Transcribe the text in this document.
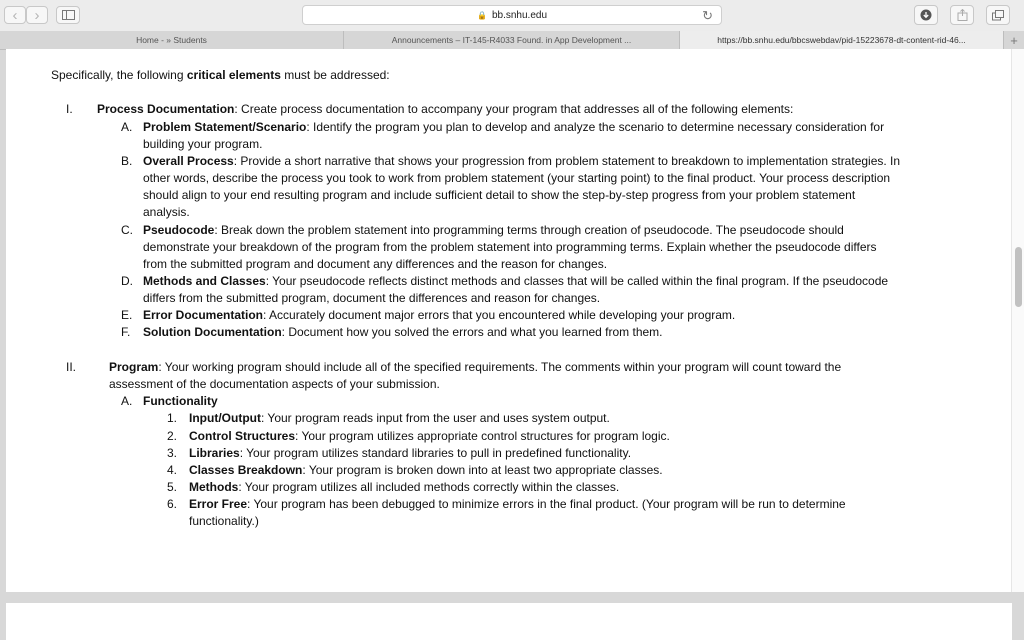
‹ ›	🔒 bb.snhu.edu	↻
Home - » Students	Announcements – IT-145-R4033 Found. in App Development ...	https://bb.snhu.edu/bbcswebdav/pid-15223678-dt-content-rid-46...	+
Specifically, the following critical elements must be addressed:
I. Process Documentation: Create process documentation to accompany your program that addresses all of the following elements:
A. Problem Statement/Scenario: Identify the program you plan to develop and analyze the scenario to determine necessary consideration for
building your program.
B. Overall Process: Provide a short narrative that shows your progression from problem statement to breakdown to implementation strategies. In
other words, describe the process you took to work from problem statement (your starting point) to the final product. Your process description
should align to your end resulting program and include sufficient detail to show the step-by-step progress from your problem statement
analysis.
C. Pseudocode: Break down the problem statement into programming terms through creation of pseudocode. The pseudocode should
demonstrate your breakdown of the program from the problem statement into programming terms. Explain whether the pseudocode differs
from the submitted program and document any differences and the reason for changes.
D. Methods and Classes: Your pseudocode reflects distinct methods and classes that will be called within the final program. If the pseudocode
differs from the submitted program, document the differences and reason for changes.
E. Error Documentation: Accurately document major errors that you encountered while developing your program.
F. Solution Documentation: Document how you solved the errors and what you learned from them.
II.	Program: Your working program should include all of the specified requirements. The comments within your program will count toward the
assessment of the documentation aspects of your submission.
A. Functionality
1. Input/Output: Your program reads input from the user and uses system output.
2. Control Structures: Your program utilizes appropriate control structures for program logic.
3. Libraries: Your program utilizes standard libraries to pull in predefined functionality.
4. Classes Breakdown: Your program is broken down into at least two appropriate classes.
5. Methods: Your program utilizes all included methods correctly within the classes.
6. Error Free: Your program has been debugged to minimize errors in the final product. (Your program will be run to determine
functionality.)
